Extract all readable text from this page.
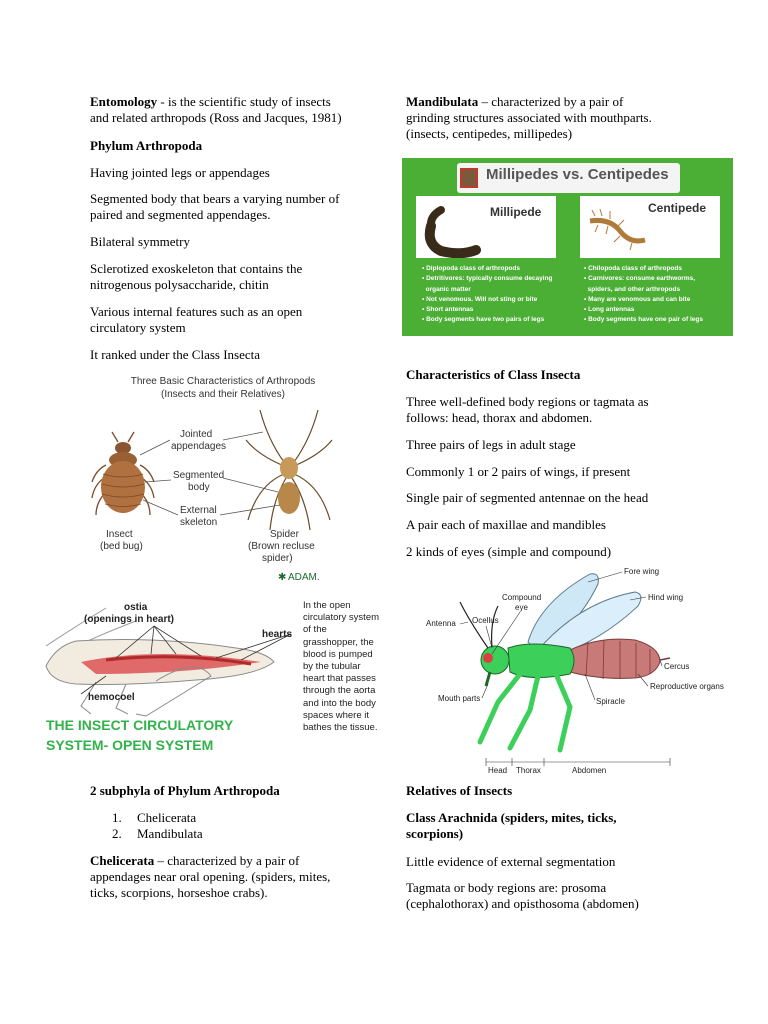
Entomology - is the scientific study of insects
and related arthropods (Ross and Jacques, 1981)
Phylum Arthropoda
Having jointed legs or appendages
Segmented body that bears a varying number of
paired and segmented appendages.
Bilateral symmetry
Sclerotized exoskeleton that contains the
nitrogenous polysaccharide, chitin
Various internal features such as an open
circulatory system
It ranked under the Class Insecta
Three Basic Characteristics of Arthropods
(Insects and their Relatives)
Jointed
appendages
Segmented
body
External
skeleton
Insect
(bed bug)
Spider
(Brown recluse
spider)
ADAM.
✱
ostia
(openings in heart)
hearts
hemocoel
THE INSECT CIRCULATORY
SYSTEM- OPEN SYSTEM
In the open
circulatory system
of the
grasshopper, the
blood is pumped
by the tubular
heart that passes
through the aorta
and into the body
spaces where it
bathes the tissue.
2 subphyla of Phylum Arthropoda
1. Chelicerata
2. Mandibulata
Chelicerata – characterized by a pair of
appendages near oral opening. (spiders, mites,
ticks, scorpions, horseshoe crabs).
Mandibulata – characterized by a pair of
grinding structures associated with mouthparts.
(insects, centipedes, millipedes)
Millipedes vs. Centipedes
Millipede	Centipede
• Diplopoda class of arthropods
• Detritivores: typically consume decaying
organic matter
• Not venomous. Will not sting or bite
• Short antennas
• Body segments have two pairs of legs
• Chilopoda class of arthropods
• Carnivores: consume earthworms,
spiders, and other arthropods
• Many are venomous and can bite
• Long antennas
• Body segments have one pair of legs
Characteristics of Class Insecta
Three well-defined body regions or tagmata as
follows: head, thorax and abdomen.
Three pairs of legs in adult stage
Commonly 1 or 2 pairs of wings, if present
Single pair of segmented antennae on the head
A pair each of maxillae and mandibles
2 kinds of eyes (simple and compound)
Fore wing
Hind wing
Compound
eye
Antenna Ocellus
Cercus
Reproductive organs
Mouth parts	Spiracle
Head Thorax	Abdomen
Relatives of Insects
Class Arachnida (spiders, mites, ticks,
scorpions)
Little evidence of external segmentation
Tagmata or body regions are: prosoma
(cephalothorax) and opisthosoma (abdomen)
